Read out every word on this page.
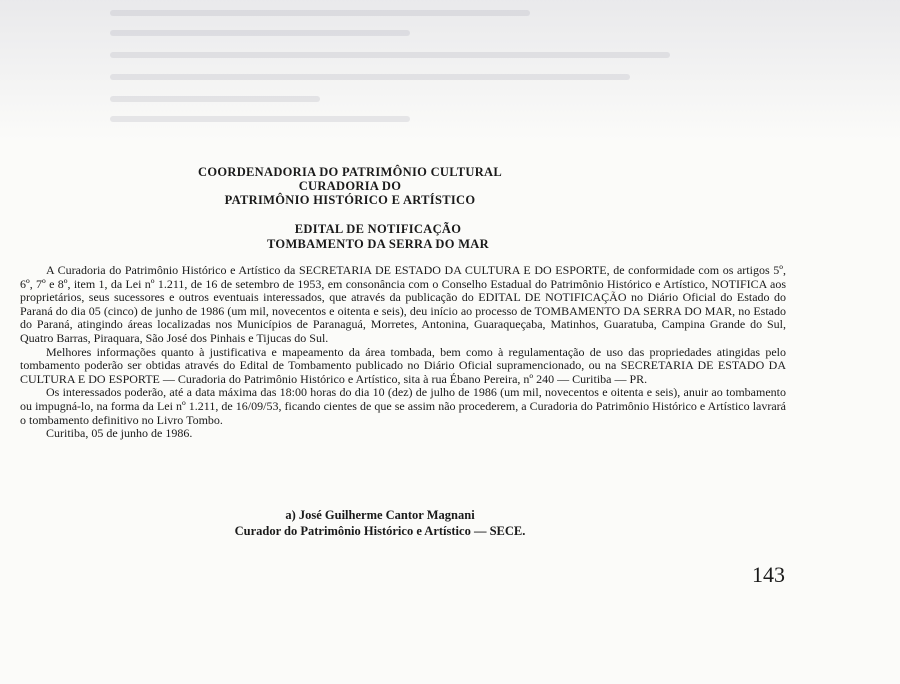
COORDENADORIA DO PATRIMÔNIO CULTURAL
CURADORIA DO
PATRIMÔNIO HISTÓRICO E ARTÍSTICO
EDITAL DE NOTIFICAÇÃO
TOMBAMENTO DA SERRA DO MAR

A Curadoria do Patrimônio Histórico e Artístico da SECRETARIA DE ESTADO DA CULTURA E DO ESPORTE, de conformidade com os artigos 5º, 6º, 7º e 8º, item 1, da Lei nº 1.211, de 16 de setembro de 1953, em consonância com o Conselho Estadual do Patrimônio Histórico e Artístico, NOTIFICA aos proprietários, seus sucessores e outros eventuais interessados, que através da publicação do EDITAL DE NOTIFICAÇÃO no Diário Oficial do Estado do Paraná do dia 05 (cinco) de junho de 1986 (um mil, novecentos e oitenta e seis), deu início ao processo de TOMBAMENTO DA SERRA DO MAR, no Estado do Paraná, atingindo áreas localizadas nos Municípios de Paranaguá, Morretes, Antonina, Guaraqueçaba, Matinhos, Guaratuba, Campina Grande do Sul, Quatro Barras, Piraquara, São José dos Pinhais e Tijucas do Sul.

Melhores informações quanto à justificativa e mapeamento da área tombada, bem como à regulamentação de uso das propriedades atingidas pelo tombamento poderão ser obtidas através do Edital de Tombamento publicado no Diário Oficial supramencionado, ou na SECRETARIA DE ESTADO DA CULTURA E DO ESPORTE — Curadoria do Patrimônio Histórico e Artístico, sita à rua Ébano Pereira, nº 240 — Curitiba — PR.

Os interessados poderão, até a data máxima das 18:00 horas do dia 10 (dez) de julho de 1986 (um mil, novecentos e oitenta e seis), anuir ao tombamento ou impugná-lo, na forma da Lei nº 1.211, de 16/09/53, ficando cientes de que se assim não procederem, a Curadoria do Patrimônio Histórico e Artístico lavrará o tombamento definitivo no Livro Tombo.

Curitiba, 05 de junho de 1986.

a) José Guilherme Cantor Magnani
Curador do Patrimônio Histórico e Artístico — SECE.
143
